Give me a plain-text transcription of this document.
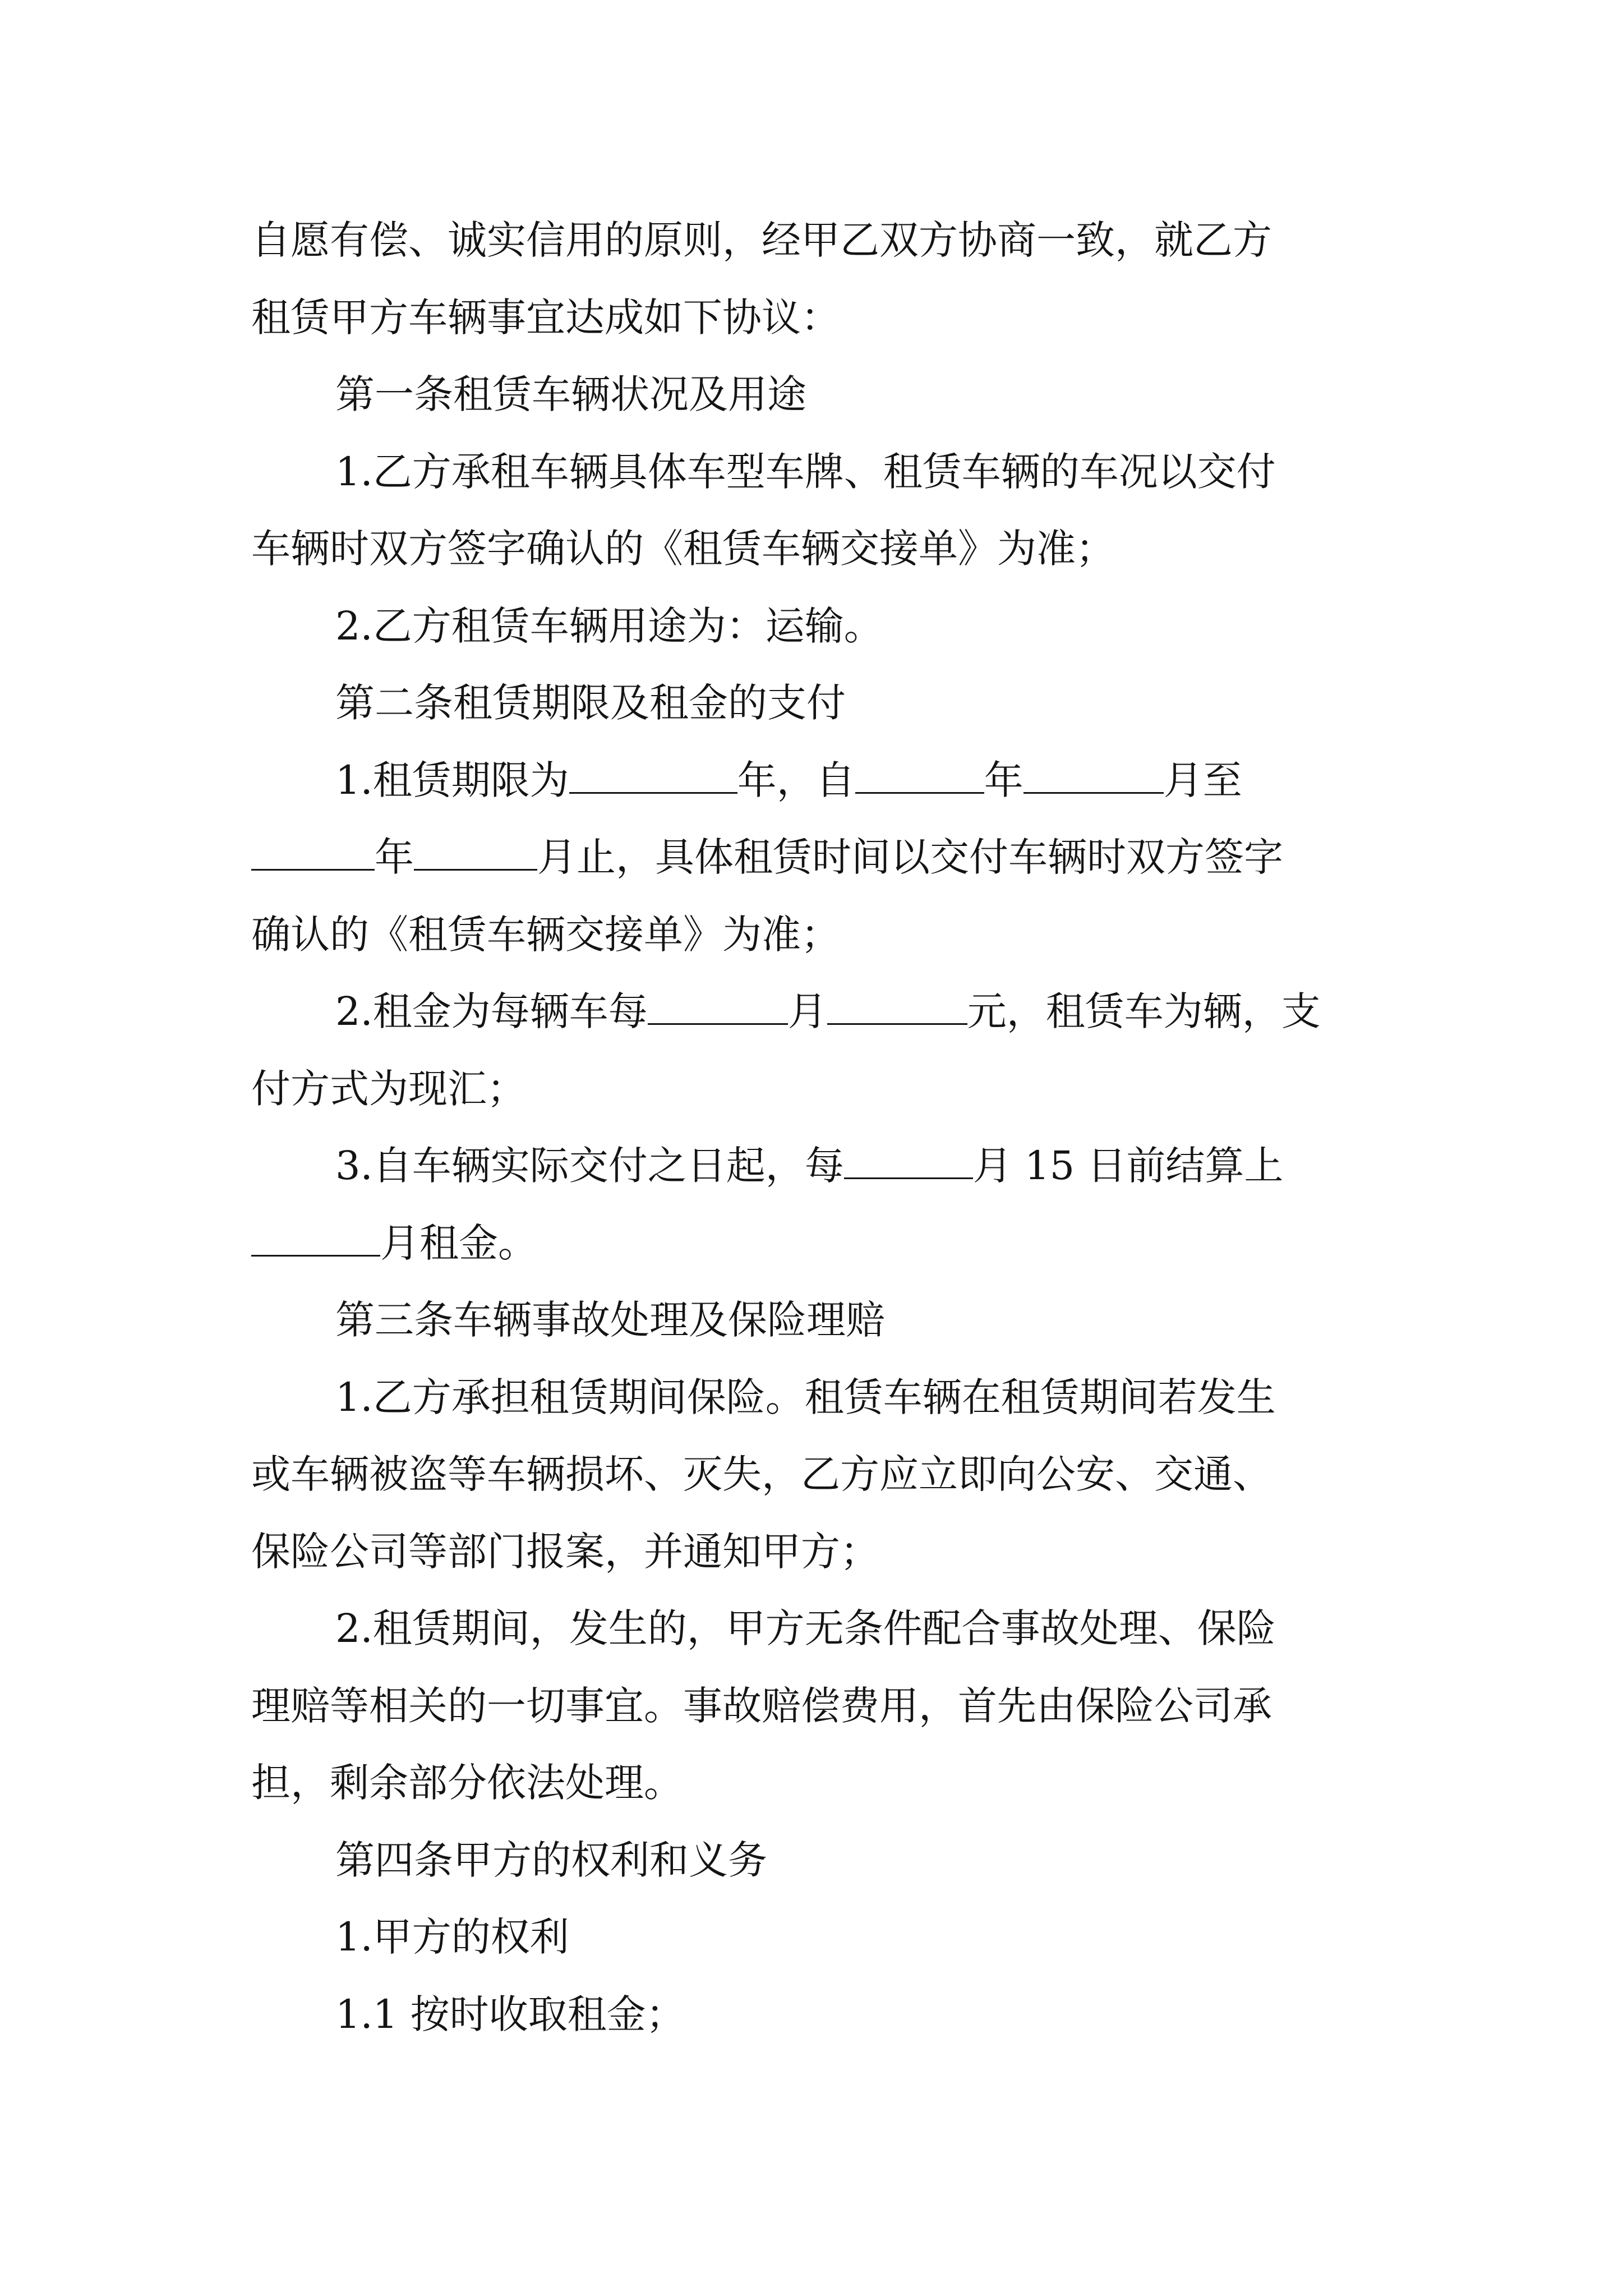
自愿有偿、诚实信用的原则，经甲乙双方协商一致，就乙方
租赁甲方车辆事宜达成如下协议：
第一条租赁车辆状况及用途
1.乙方承租车辆具体车型车牌、租赁车辆的车况以交付
车辆时双方签字确认的《租赁车辆交接单》为准；
2.乙方租赁车辆用途为：运输。
第二条租赁期限及租金的支付
1.租赁期限为	年，自	年	月至
年	月止，具体租赁时间以交付车辆时双方签字
确认的《租赁车辆交接单》为准；
2.租金为每辆车每	月	元，租赁车为辆，支
付方式为现汇；
3.自车辆实际交付之日起，每	月 15 日前结算上
月租金。
第三条车辆事故处理及保险理赔
1.乙方承担租赁期间保险。租赁车辆在租赁期间若发生
或车辆被盗等车辆损坏、灭失，乙方应立即向公安、交通、
保险公司等部门报案，并通知甲方；
2.租赁期间，发生的，甲方无条件配合事故处理、保险
理赔等相关的一切事宜。事故赔偿费用，首先由保险公司承
担，剩余部分依法处理。
第四条甲方的权利和义务
1.甲方的权利
1.1 按时收取租金；
